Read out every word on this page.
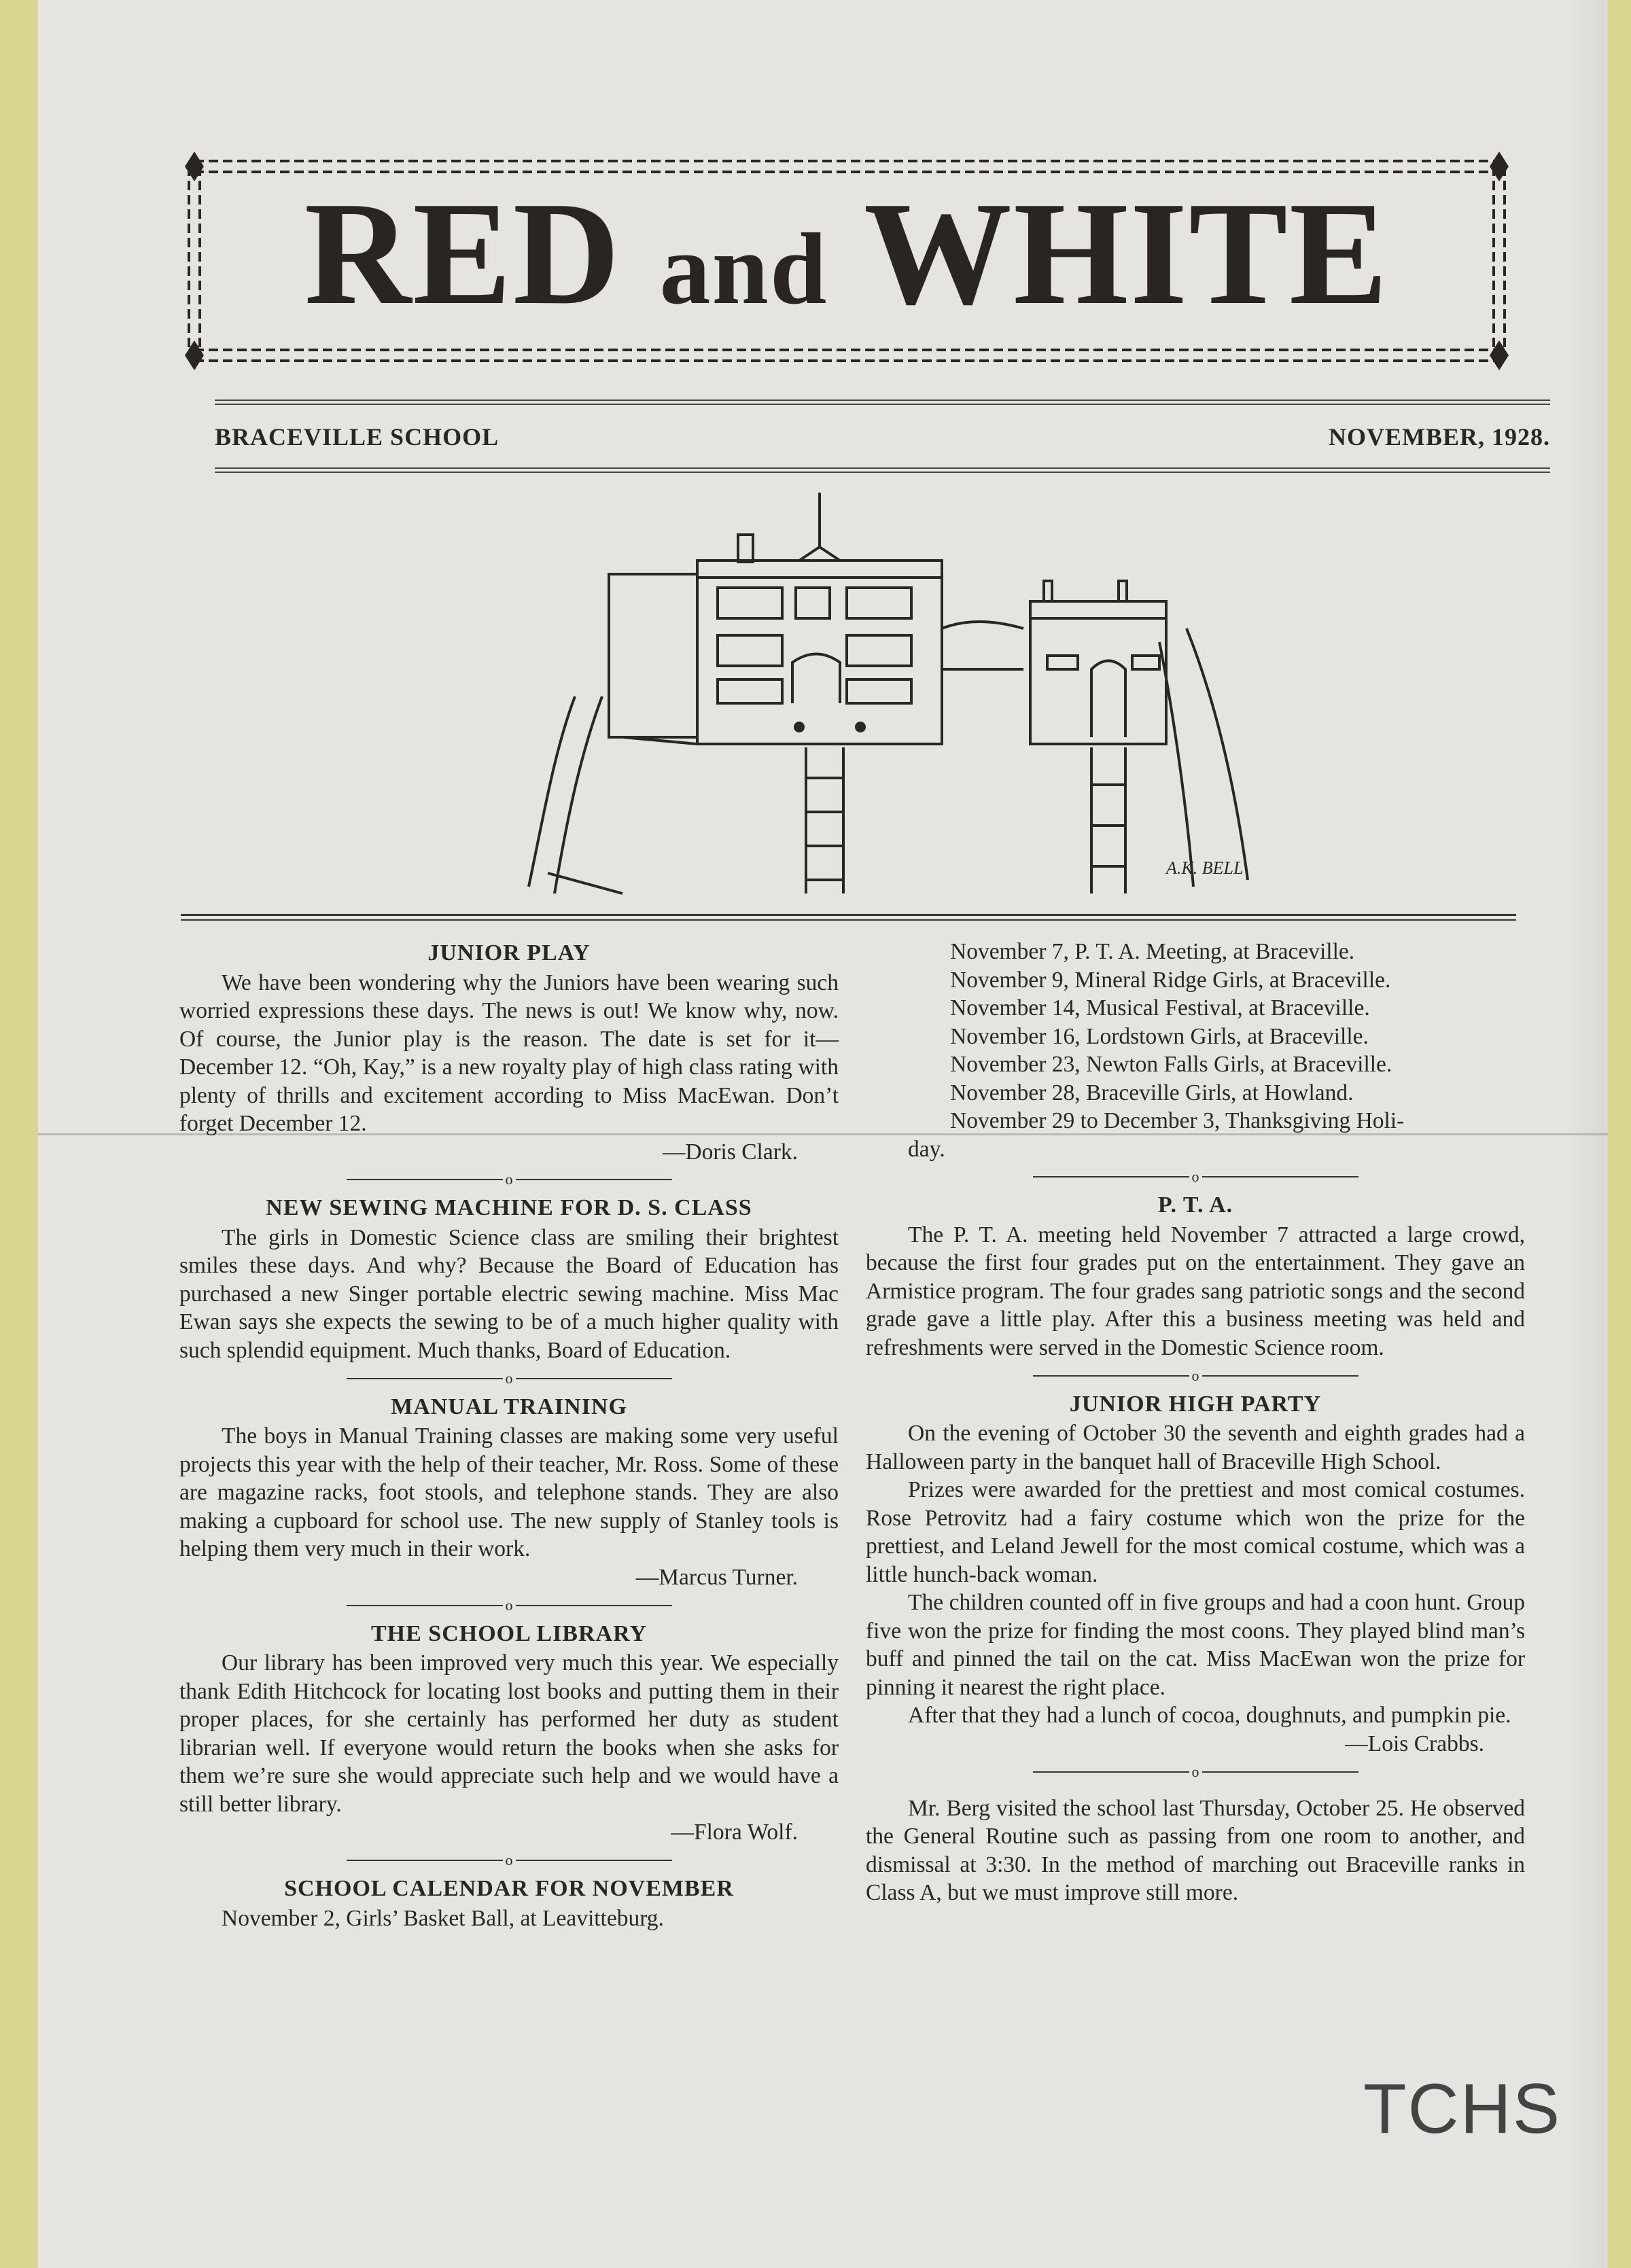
RED and WHITE
BRACEVILLE SCHOOL	NOVEMBER, 1928.
A.K. BELL
JUNIOR PLAY

We have been wondering why the Juniors have been wearing such worried expressions these days. The news is out! We know why, now. Of course, the Junior play is the reason. The date is set for it—December 12. “Oh, Kay,” is a new royalty play of high class rating with plenty of thrills and excitement according to Miss MacEwan. Don’t forget December 12.

—Doris Clark.
o
NEW SEWING MACHINE FOR D. S. CLASS

The girls in Domestic Science class are smiling their brightest smiles these days. And why? Because the Board of Education has purchased a new Singer portable electric sewing machine. Miss Mac Ewan says she expects the sewing to be of a much higher quality with such splendid equipment. Much thanks, Board of Education.

o
MANUAL TRAINING

The boys in Manual Training classes are making some very useful projects this year with the help of their teacher, Mr. Ross. Some of these are magazine racks, foot stools, and telephone stands. They are also making a cupboard for school use. The new supply of Stanley tools is helping them very much in their work.

—Marcus Turner.
o
THE SCHOOL LIBRARY

Our library has been improved very much this year. We especially thank Edith Hitchcock for locating lost books and putting them in their proper places, for she certainly has performed her duty as student librarian well. If everyone would return the books when she asks for them we’re sure she would appreciate such help and we would have a still better library.

—Flora Wolf.
o
SCHOOL CALENDAR FOR NOVEMBER

November 2, Girls’ Basket Ball, at Leavitteburg.

November 7, P. T. A. Meeting, at Braceville.

November 9, Mineral Ridge Girls, at Braceville.

November 14, Musical Festival, at Braceville.

November 16, Lordstown Girls, at Braceville.

November 23, Newton Falls Girls, at Braceville.

November 28, Braceville Girls, at Howland.

November 29 to December 3, Thanksgiving Holi-

day.

o
P. T. A.

The P. T. A. meeting held November 7 attracted a large crowd, because the first four grades put on the entertainment. They gave an Armistice program. The four grades sang patriotic songs and the second grade gave a little play. After this a business meeting was held and refreshments were served in the Domestic Science room.

o
JUNIOR HIGH PARTY

On the evening of October 30 the seventh and eighth grades had a Halloween party in the banquet hall of Braceville High School.

Prizes were awarded for the prettiest and most comical costumes. Rose Petrovitz had a fairy costume which won the prize for the prettiest, and Leland Jewell for the most comical costume, which was a little hunch-back woman.

The children counted off in five groups and had a coon hunt. Group five won the prize for finding the most coons. They played blind man’s buff and pinned the tail on the cat. Miss MacEwan won the prize for pinning it nearest the right place.

After that they had a lunch of cocoa, doughnuts, and pumpkin pie.

—Lois Crabbs.
o

Mr. Berg visited the school last Thursday, October 25. He observed the General Routine such as passing from one room to another, and dismissal at 3:30. In the method of marching out Braceville ranks in Class A, but we must improve still more.

TCHS
